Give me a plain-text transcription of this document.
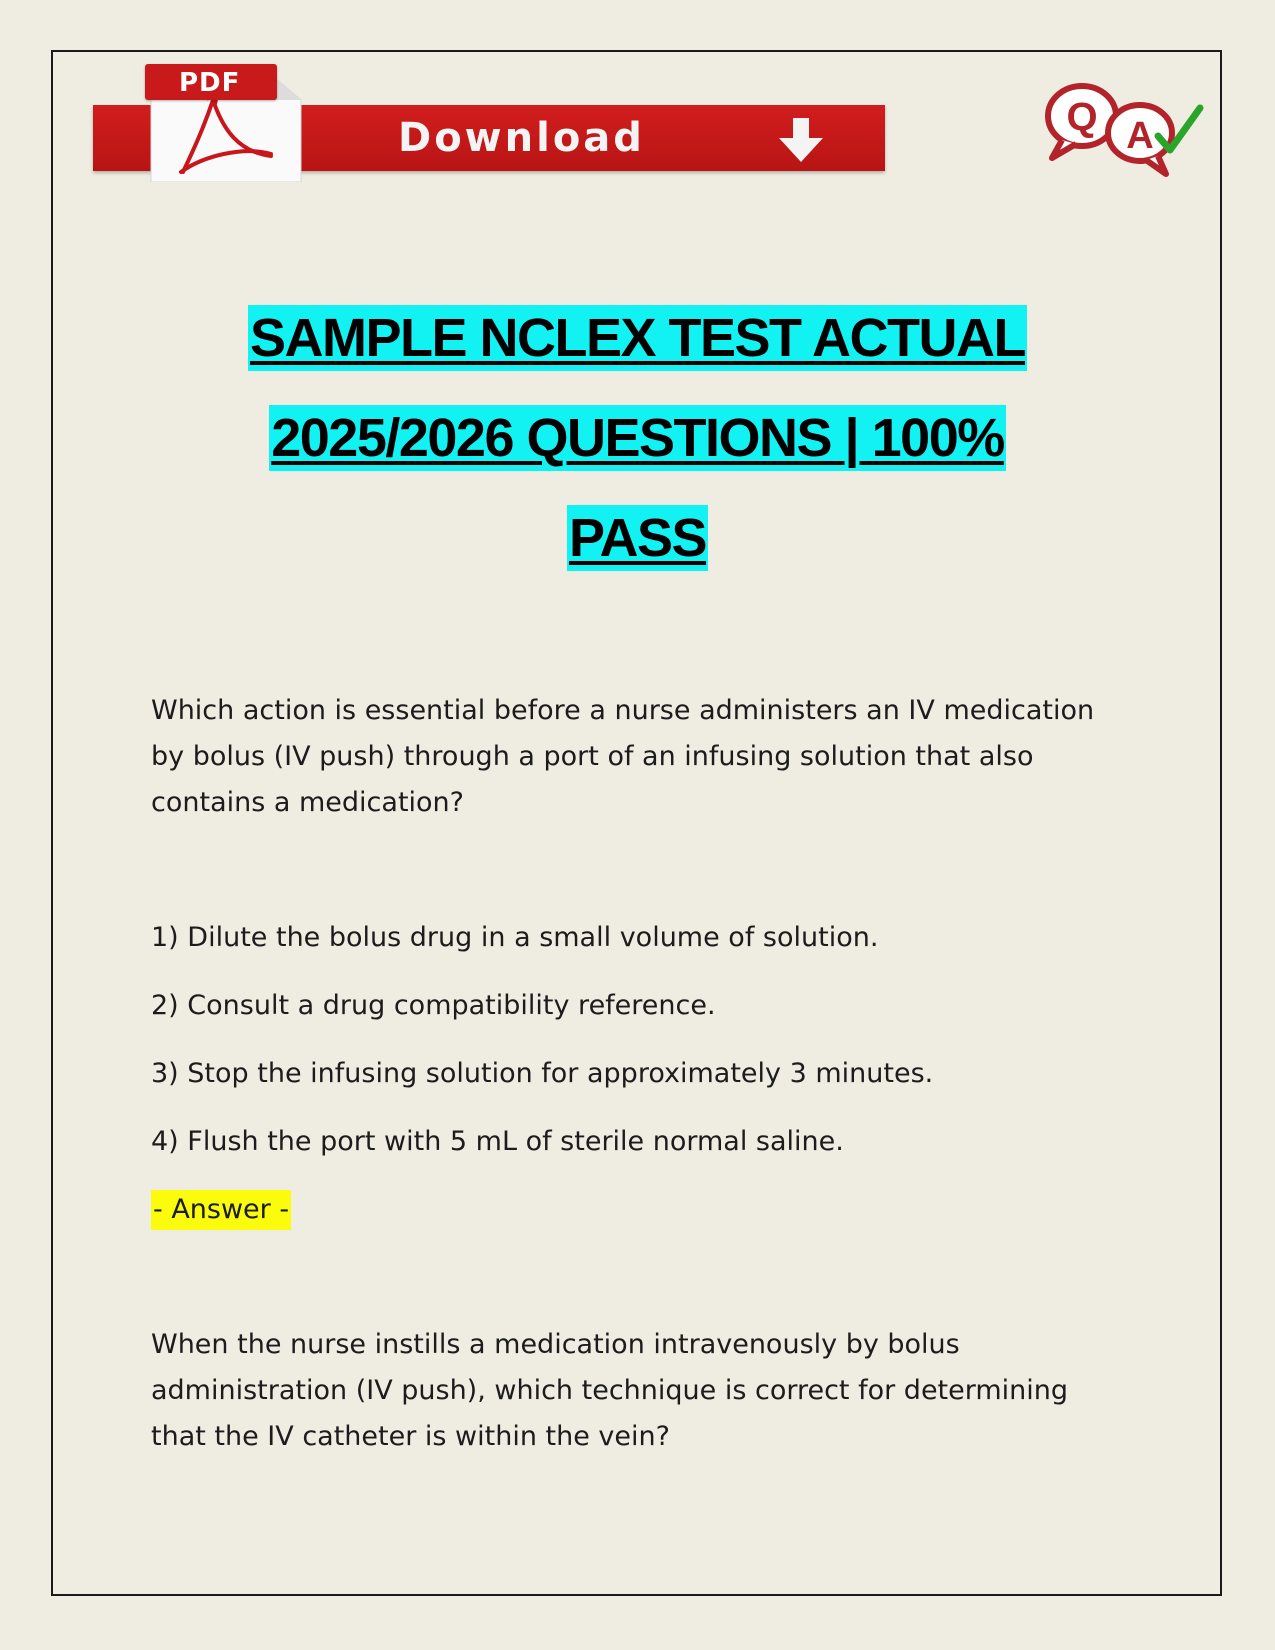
Download
PDF
Q A
SAMPLE NCLEX TEST ACTUAL
2025/2026 QUESTIONS | 100%
PASS
Which action is essential before a nurse administers an IV medication by bolus (IV push) through a port of an infusing solution that also contains a medication?
1) Dilute the bolus drug in a small volume of solution.
2) Consult a drug compatibility reference.
3) Stop the infusing solution for approximately 3 minutes.
4) Flush the port with 5 mL of sterile normal saline.
- Answer -
When the nurse instills a medication intravenously by bolus administration (IV push), which technique is correct for determining that the IV catheter is within the vein?
